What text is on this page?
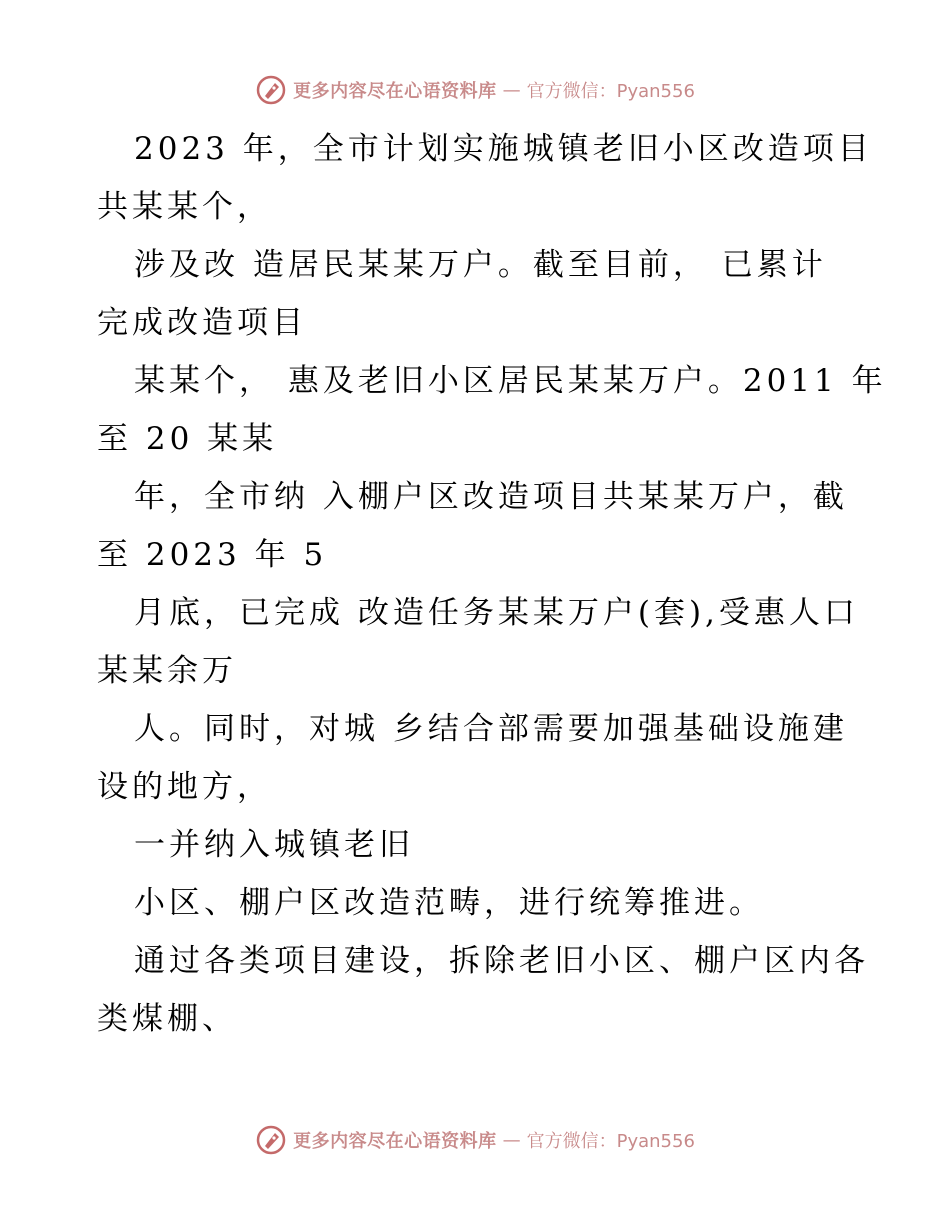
更多内容尽在心语资料库 — 官方微信：Pyan556
2023 年，全市计划实施城镇老旧小区改造项目
共某某个，
涉及改 造居民某某万户。截至目前， 已累计
完成改造项目
某某个， 惠及老旧小区居民某某万户。2011 年
至 20 某某
年，全市纳 入棚户区改造项目共某某万户，截
至 2023 年 5
月底，已完成 改造任务某某万户(套),受惠人口
某某余万
人。同时，对城 乡结合部需要加强基础设施建
设的地方，
一并纳入城镇老旧
小区、棚户区改造范畴，进行统筹推进。
通过各类项目建设，拆除老旧小区、棚户区内各
类煤棚、
更多内容尽在心语资料库 — 官方微信：Pyan556
